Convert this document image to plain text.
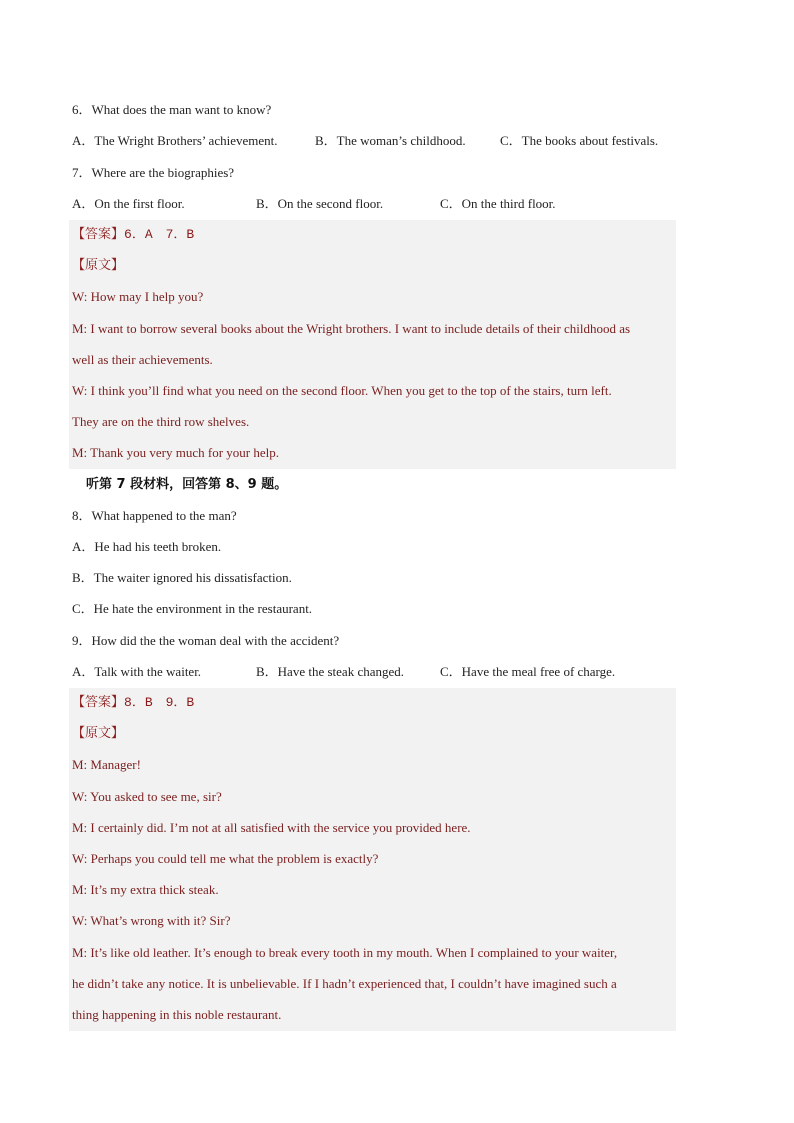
6．What does the man want to know?
A．The Wright Brothers’ achievement.	B．The woman’s childhood.	C．The books about festivals.
7．Where are the biographies?
A．On the first floor.	B．On the second floor.	C．On the third floor.
【答案】6．A　7．B
【原文】
W: How may I help you?
M: I want to borrow several books about the Wright brothers. I want to include details of their childhood as
well as their achievements.
W: I think you’ll find what you need on the second floor. When you get to the top of the stairs, turn left.
They are on the third row shelves.
M: Thank you very much for your help.
听第 7 段材料，回答第 8、9 题。
8．What happened to the man?
A．He had his teeth broken.
B．The waiter ignored his dissatisfaction.
C．He hate the environment in the restaurant.
9．How did the the woman deal with the accident?
A．Talk with the waiter.	B．Have the steak changed.	C．Have the meal free of charge.
【答案】8．B　9．B
【原文】
M: Manager!
W: You asked to see me, sir?
M: I certainly did. I’m not at all satisfied with the service you provided here.
W: Perhaps you could tell me what the problem is exactly?
M: It’s my extra thick steak.
W: What’s wrong with it? Sir?
M: It’s like old leather. It’s enough to break every tooth in my mouth. When I complained to your waiter,
he didn’t take any notice. It is unbelievable. If I hadn’t experienced that, I couldn’t have imagined such a
thing happening in this noble restaurant.
